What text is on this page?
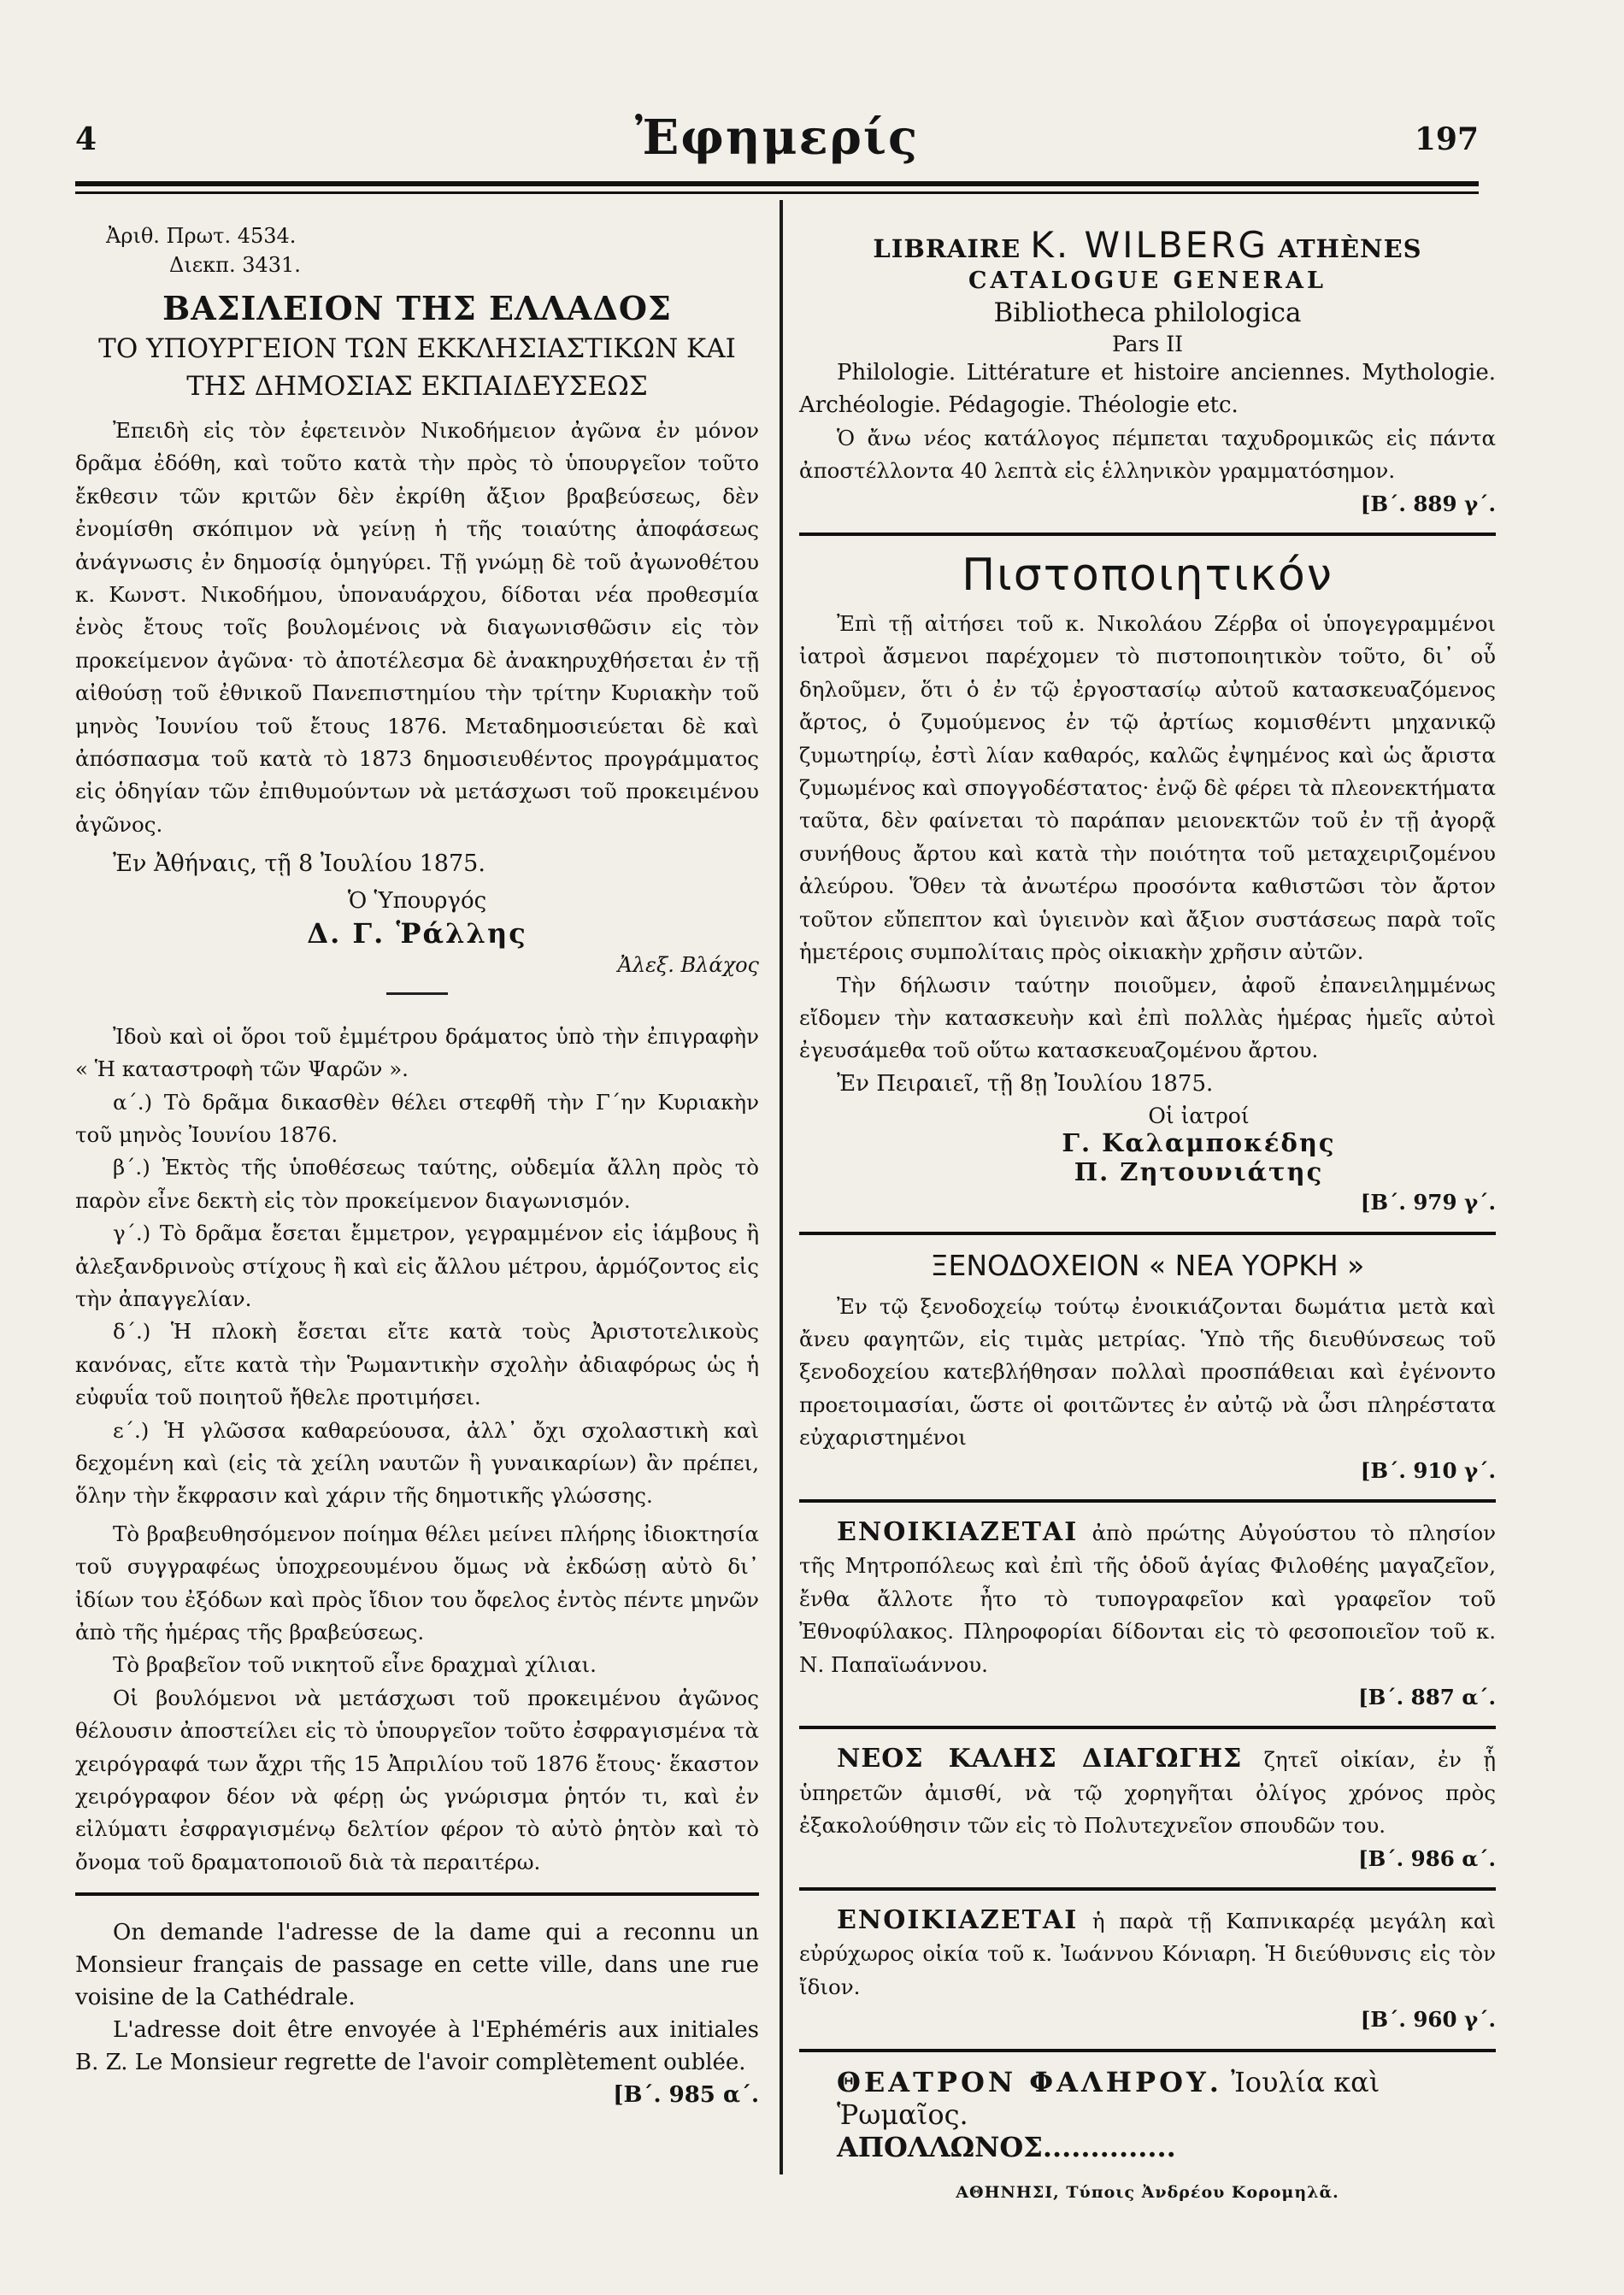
4	Ἐφημερίς	197
Ἀριθ. Πρωτ. 4534.
Διεκπ. 3431.
ΒΑΣΙΛΕΙΟΝ ΤΗΣ ΕΛΛΑΔΟΣ
ΤΟ ΥΠΟΥΡΓΕΙΟΝ ΤΩΝ ΕΚΚΛΗΣΙΑΣΤΙΚΩΝ ΚΑΙ
ΤΗΣ ΔΗΜΟΣΙΑΣ ΕΚΠΑΙΔΕΥΣΕΩΣ

Ἐπειδὴ εἰς τὸν ἐφετεινὸν Νικοδήμειον ἀγῶνα ἐν μόνον δρᾶμα ἐδόθη, καὶ τοῦτο κατὰ τὴν πρὸς τὸ ὑπουργεῖον τοῦτο ἔκθεσιν τῶν κριτῶν δὲν ἐκρίθη ἄξιον βραβεύσεως, δὲν ἐνομίσθη σκόπιμον νὰ γείνῃ ἡ τῆς τοιαύτης ἀποφάσεως ἀνάγνωσις ἐν δημοσίᾳ ὁμηγύρει. Τῇ γνώμῃ δὲ τοῦ ἀγωνοθέτου κ. Κωνστ. Νικοδήμου, ὑποναυάρχου, δίδοται νέα προθεσμία ἑνὸς ἔτους τοῖς βουλομένοις νὰ διαγωνισθῶσιν εἰς τὸν προκείμενον ἀγῶνα· τὸ ἀποτέλεσμα δὲ ἀνακηρυχθήσεται ἐν τῇ αἰθούσῃ τοῦ ἐθνικοῦ Πανεπιστημίου τὴν τρίτην Κυριακὴν τοῦ μηνὸς Ἰουνίου τοῦ ἔτους 1876. Μεταδημοσιεύεται δὲ καὶ ἀπόσπασμα τοῦ κατὰ τὸ 1873 δημοσιευθέντος προγράμματος εἰς ὁδηγίαν τῶν ἐπιθυμούντων νὰ μετάσχωσι τοῦ προκειμένου ἀγῶνος.

Ἐν Ἀθήναις, τῇ 8 Ἰουλίου 1875.

Ὁ Ὑπουργός
Δ. Γ. Ῥάλλης
Ἀλεξ. Βλάχος

Ἰδοὺ καὶ οἱ ὅροι τοῦ ἐμμέτρου δράματος ὑπὸ τὴν ἐπιγραφὴν « Ἡ καταστροφὴ τῶν Ψαρῶν ».

α΄.) Τὸ δρᾶμα δικασθὲν θέλει στεφθῆ τὴν Γ΄ην Κυριακὴν τοῦ μηνὸς Ἰουνίου 1876.

β΄.) Ἐκτὸς τῆς ὑποθέσεως ταύτης, οὐδεμία ἄλλη πρὸς τὸ παρὸν εἶνε δεκτὴ εἰς τὸν προκείμενον διαγωνισμόν.

γ΄.) Τὸ δρᾶμα ἔσεται ἔμμετρον, γεγραμμένον εἰς ἰάμβους ἢ ἀλεξανδρινοὺς στίχους ἢ καὶ εἰς ἄλλου μέτρου, ἁρμόζοντος εἰς τὴν ἀπαγγελίαν.

δ΄.) Ἡ πλοκὴ ἔσεται εἴτε κατὰ τοὺς Ἀριστοτελικοὺς κανόνας, εἴτε κατὰ τὴν Ῥωμαντικὴν σχολὴν ἀδιαφόρως ὡς ἡ εὐφυΐα τοῦ ποιητοῦ ἤθελε προτιμήσει.

ε΄.) Ἡ γλῶσσα καθαρεύουσα, ἀλλ᾽ ὄχι σχολαστικὴ καὶ δεχομένη καὶ (εἰς τὰ χείλη ναυτῶν ἢ γυναικαρίων) ἂν πρέπει, ὅλην τὴν ἔκφρασιν καὶ χάριν τῆς δημοτικῆς γλώσσης.

Τὸ βραβευθησόμενον ποίημα θέλει μείνει πλήρης ἰδιοκτησία τοῦ συγγραφέως ὑποχρεουμένου ὅμως νὰ ἐκδώσῃ αὐτὸ δι᾽ ἰδίων του ἐξόδων καὶ πρὸς ἴδιον του ὄφελος ἐντὸς πέντε μηνῶν ἀπὸ τῆς ἡμέρας τῆς βραβεύσεως.

Τὸ βραβεῖον τοῦ νικητοῦ εἶνε δραχμαὶ χίλιαι.

Οἱ βουλόμενοι νὰ μετάσχωσι τοῦ προκειμένου ἀγῶνος θέλουσιν ἀποστείλει εἰς τὸ ὑπουργεῖον τοῦτο ἐσφραγισμένα τὰ χειρόγραφά των ἄχρι τῆς 15 Ἀπριλίου τοῦ 1876 ἔτους· ἕκαστον χειρόγραφον δέον νὰ φέρῃ ὡς γνώρισμα ῥητόν τι, καὶ ἐν εἰλύματι ἐσφραγισμένῳ δελτίον φέρον τὸ αὐτὸ ῥητὸν καὶ τὸ ὄνομα τοῦ δραματοποιοῦ διὰ τὰ περαιτέρω.

On demande l'adresse de la dame qui a reconnu un Monsieur français de passage en cette ville, dans une rue voisine de la Cathédrale.

L'adresse doit être envoyée à l'Ephéméris aux initiales B. Z. Le Monsieur regrette de l'avoir complètement oublée.

[Β΄. 985 α΄.

LIBRAIRE K. WILBERG ATHÈNES
CATALOGUE GENERAL
Bibliotheca philologica
Pars II

Philologie. Littérature et histoire anciennes. Mythologie. Archéologie. Pédagogie. Théologie etc.

Ὁ ἄνω νέος κατάλογος πέμπεται ταχυδρομικῶς εἰς πάντα ἀποστέλλοντα 40 λεπτὰ εἰς ἑλληνικὸν γραμματόσημον.

[Β΄. 889 γ΄.

Πιστοποιητικόν

Ἐπὶ τῇ αἰτήσει τοῦ κ. Νικολάου Ζέρβα οἱ ὑπογεγραμμένοι ἰατροὶ ἄσμενοι παρέχομεν τὸ πιστοποιητικὸν τοῦτο, δι᾽ οὗ δηλοῦμεν, ὅτι ὁ ἐν τῷ ἐργοστασίῳ αὐτοῦ κατασκευαζόμενος ἄρτος, ὁ ζυμούμενος ἐν τῷ ἀρτίως κομισθέντι μηχανικῷ ζυμωτηρίῳ, ἐστὶ λίαν καθαρός, καλῶς ἐψημένος καὶ ὡς ἄριστα ζυμωμένος καὶ σπογγοδέστατος· ἐνῷ δὲ φέρει τὰ πλεονεκτήματα ταῦτα, δὲν φαίνεται τὸ παράπαν μειονεκτῶν τοῦ ἐν τῇ ἀγορᾷ συνήθους ἄρτου καὶ κατὰ τὴν ποιότητα τοῦ μεταχειριζομένου ἀλεύρου. Ὅθεν τὰ ἀνωτέρω προσόντα καθιστῶσι τὸν ἄρτον τοῦτον εὔπεπτον καὶ ὑγιεινὸν καὶ ἄξιον συστάσεως παρὰ τοῖς ἡμετέροις συμπολίταις πρὸς οἰκιακὴν χρῆσιν αὐτῶν.

Τὴν δήλωσιν ταύτην ποιοῦμεν, ἀφοῦ ἐπανειλημμένως εἴδομεν τὴν κατασκευὴν καὶ ἐπὶ πολλὰς ἡμέρας ἡμεῖς αὐτοὶ ἐγευσάμεθα τοῦ οὕτω κατασκευαζομένου ἄρτου.

Ἐν Πειραιεῖ, τῇ 8ῃ Ἰουλίου 1875.

Οἱ ἰατροί
Γ. Καλαμποκέδης
Π. Ζητουνιάτης

[Β΄. 979 γ΄.

ΞΕΝΟΔΟΧΕΙΟΝ « ΝΕΑ ΥΟΡΚΗ »

Ἐν τῷ ξενοδοχείῳ τούτῳ ἐνοικιάζονται δωμάτια μετὰ καὶ ἄνευ φαγητῶν, εἰς τιμὰς μετρίας. Ὑπὸ τῆς διευθύνσεως τοῦ ξενοδοχείου κατεβλήθησαν πολλαὶ προσπάθειαι καὶ ἐγένοντο προετοιμασίαι, ὥστε οἱ φοιτῶντες ἐν αὐτῷ νὰ ὦσι πληρέστατα εὐχαριστημένοι

[Β΄. 910 γ΄.

ΕΝΟΙΚΙΑΖΕΤΑΙ ἀπὸ πρώτης Αὐγούστου τὸ πλησίον τῆς Μητροπόλεως καὶ ἐπὶ τῆς ὁδοῦ ἁγίας Φιλοθέης μαγαζεῖον, ἔνθα ἄλλοτε ἦτο τὸ τυπογραφεῖον καὶ γραφεῖον τοῦ Ἐθνοφύλακος. Πληροφορίαι δίδονται εἰς τὸ φεσοποιεῖον τοῦ κ. Ν. Παπαϊωάννου.

[Β΄. 887 α΄.

ΝΕΟΣ ΚΑΛΗΣ ΔΙΑΓΩΓΗΣ ζητεῖ οἰκίαν, ἐν ᾗ ὑπηρετῶν ἀμισθί, νὰ τῷ χορηγῆται ὀλίγος χρόνος πρὸς ἐξακολούθησιν τῶν εἰς τὸ Πολυτεχνεῖον σπουδῶν του.

[Β΄. 986 α΄.

ΕΝΟΙΚΙΑΖΕΤΑΙ ἡ παρὰ τῇ Καπνικαρέᾳ μεγάλη καὶ εὐρύχωρος οἰκία τοῦ κ. Ἰωάννου Κόνιαρη. Ἡ διεύθυνσις εἰς τὸν ἴδιον.

[Β΄. 960 γ΄.

ΘΕΑΤΡΟΝ ΦΑΛΗΡΟΥ. Ἰουλία καὶ

Ῥωμαῖος.

ΑΠΟΛΛΩΝΟΣ..............

ΑΘΗΝΗΣΙ, Τύποις Ἀνδρέου Κορομηλᾶ.
